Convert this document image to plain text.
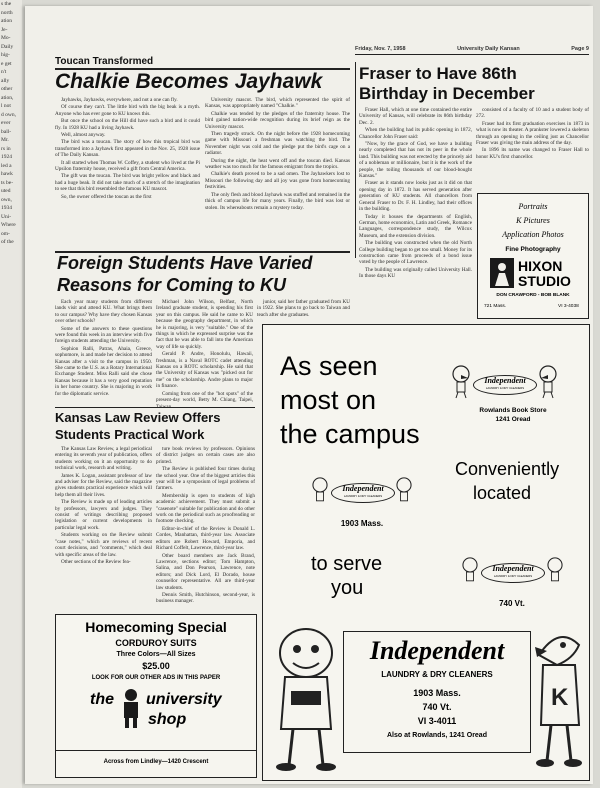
s the
north
ation
Je-
Mo-
Daily
hig-
e get
n't
ally
other
ation,
l not
d own,
ever
ball-
Mr.
rs in
1924
led a
hawk
ts be-
uted
own,
1934
Uni-
Where
om-
of the
Friday, Nov. 7, 1958	University Daily Kansan	Page 9
Toucan Transformed
Chalkie Becomes Jayhawk

Jayhawks, Jayhawks, everywhere, and not a one can fly.

Of course they can't. The little bird with the big beak is a myth. Anyone who has ever gone to KU knows this.

But once the school on the Hill did have such a bird and it could fly. In 1928 KU had a living Jayhawk.

Well, almost anyway.

The bird was a toucan. The story of how this tropical bird was transformed into a Jayhawk first appeared in the Nov. 25, 1928 issue of The Daily Kansan.

It all started when Thomas W. Coffey, a student who lived at the Pi Upsilon fraternity house, received a gift from Central America.

The gift was the toucan. The bird was bright yellow and black and had a huge beak. It did not take much of a stretch of the imagination to see that this bird resembled the famous KU mascot.

So, the owner offered the toucan as the first

University mascot. The bird, which represented the spirit of Kansas, was appropriately named "Chalkie."

Chalkie was tended by the pledges of the fraternity house. The bird gained nation-wide recognition during its brief reign as the University mascot.

Then tragedy struck. On the night before the 1928 homecoming game with Missouri a freshman was watching the bird. The November night was cold and the pledge put the bird's cage on a radiator.

During the night, the heat went off and the toucan died. Kansas weather was too much for the famous emigrant from the tropics.

Chalkie's death proved to be a sad omen. The Jayhawkers lost to Missouri the following day and all joy was gone from homecoming festivities.

The only flesh and blood Jayhawk was stuffed and remained in the thick of campus life for many years. Finally, the bird was lost or stolen. Its whereabouts remain a mystery today.

Fraser to Have 86th
Birthday in December

Fraser Hall, which at one time contained the entire University of Kansas, will celebrate its 86th birthday Dec. 2.

When the building had its public opening in 1872, Chancellor John Fraser said:

"Now, by the grace of God, we have a building nearly completed that has not its peer in the whole land. This building was not erected by the princely aid of a nobleman or millionaire, but it is the work of the people, the toiling thousands of our blood-bought Kansas."

Fraser as it stands now looks just as it did on that opening day in 1872. It has served generation after generation of KU students. All chancellors from General Fraser to Dr. F. H. Lindley, had their offices in the building.

Today it houses the departments of English, German, home economics, Latin and Greek, Romance Languages, correspondence study, the Wilcox Museum, and the extension division.

The building was constructed when the old North College building began to get too small. Money for its construction came from proceeds of a bond issue voted by the people of Lawrence.

The building was originally called University Hall. In those days KU

consisted of a faculty of 10 and a student body of 272.

Fraser had its first graduation exercises in 1873 in what is now its theater. A prankster lowered a skeleton through an opening in the ceiling just as Chancellor Fraser was giving the main address of the day.

In 1896 its name was changed to Fraser Hall to honor KU's first chancellor.

Portraits
K Pictures
Application Photos
Fine Photography
HIXON
STUDIO
DON CRAWFORD - BOB BLANK
721 Mass.	VI 3-4038
Foreign Students Have Varied
Reasons for Coming to KU

Each year many students from different lands visit and attend KU. What brings them to our campus? Why have they chosen Kansas over other schools?

Some of the answers to these questions were found this week in an interview with five foreign students attending the University.

Sophion Ralli, Patras, Ahaia, Greece, sophomore, is and made her decision to attend Kansas after a visit to the campus in 1950. She came to the U.S. as a Rotary International Exchange Student. Miss Ralli said she chose Kansas because it has a very good reputation in her home country. She is majoring in work for the diplomatic service.

Michael John Wilson, Belfast, North Ireland graduate student, is spending his first year on this campus. He said he came to KU because the geography department, in which he is majoring, is very "suitable." One of the things in which he expressed surprise was the fact that he was able to fall into the American way of life so quickly.

Gerald P. Andre, Honolulu, Hawaii, freshman, is a Naval ROTC cadet attending Kansas on a ROTC scholarship. He said that the University of Kansas was "picked out for me" on the scholarship. Andre plans to major in finance.

Coming from one of the "hot spots" of the present-day world, Betty M. Chiang, Taipei,

junior, said her father graduated from KU in 1922. She plans to go back to Taiwan and teach after she graduates.

Kansas Law Review Offers
Students Practical Work

The Kansas Law Review, a legal periodical entering its seventh year of publication, offers students working on it an opportunity to do technical work, research and writing.

James K. Logan, assistant professor of law and adviser for the Review, said the magazine gives students practical experience which will help them all their lives.

The Review is made up of leading articles by professors, lawyers and judges. They consist of writings describing proposed legislation or current developments in particular legal work.

Students working on the Review submit "case notes," which are reviews of recent court decisions, and "comments," which deal with specific areas of the law.

Other sections of the Review fea-

ture book reviews by professors. Opinions of district judges on certain cases are also printed.

The Review is published four times during the school year. One of the biggest articles this year will be a symposium of legal problems of farmers.

Membership is open to students of high academic achievement. They must submit a "casenote" suitable for publication and do other work on the periodical such as proofreading or footnote checking.

Editor-in-chief of the Review is Donald L. Cordes, Manhattan, third-year law. Associate editors are Robert Howard, Emporia, and Richard Coffelt, Lawrence, third-year law.

Other board members are Jack Brand, Lawrence, sections editor; Tom Hampton, Salina, and Don Pearson, Lawrence, note editors; and Dick Lord, El Dorado, house counsellor representative. All are third-year law students.

Dennis Smith, Hutchinson, second-year, is business manager.

Homecoming Special
CORDUROY SUITS
Three Colors—All Sizes
$25.00
LOOK FOR OUR OTHER ADS IN THIS PAPER
the university
shop
Across from Lindley—1420 Crescent
As seen
most on
the campus
Independent
LAUNDRY & DRY CLEANERS
Rowlands Book Store
1241 Oread
Independent
LAUNDRY & DRY CLEANERS
1903 Mass.
Conveniently
located
to serve
you
Independent
LAUNDRY & DRY CLEANERS
740 Vt.
Independent
LAUNDRY & DRY CLEANERS
1903 Mass.
740 Vt.
VI 3-4011
Also at Rowlands, 1241 Oread
K
